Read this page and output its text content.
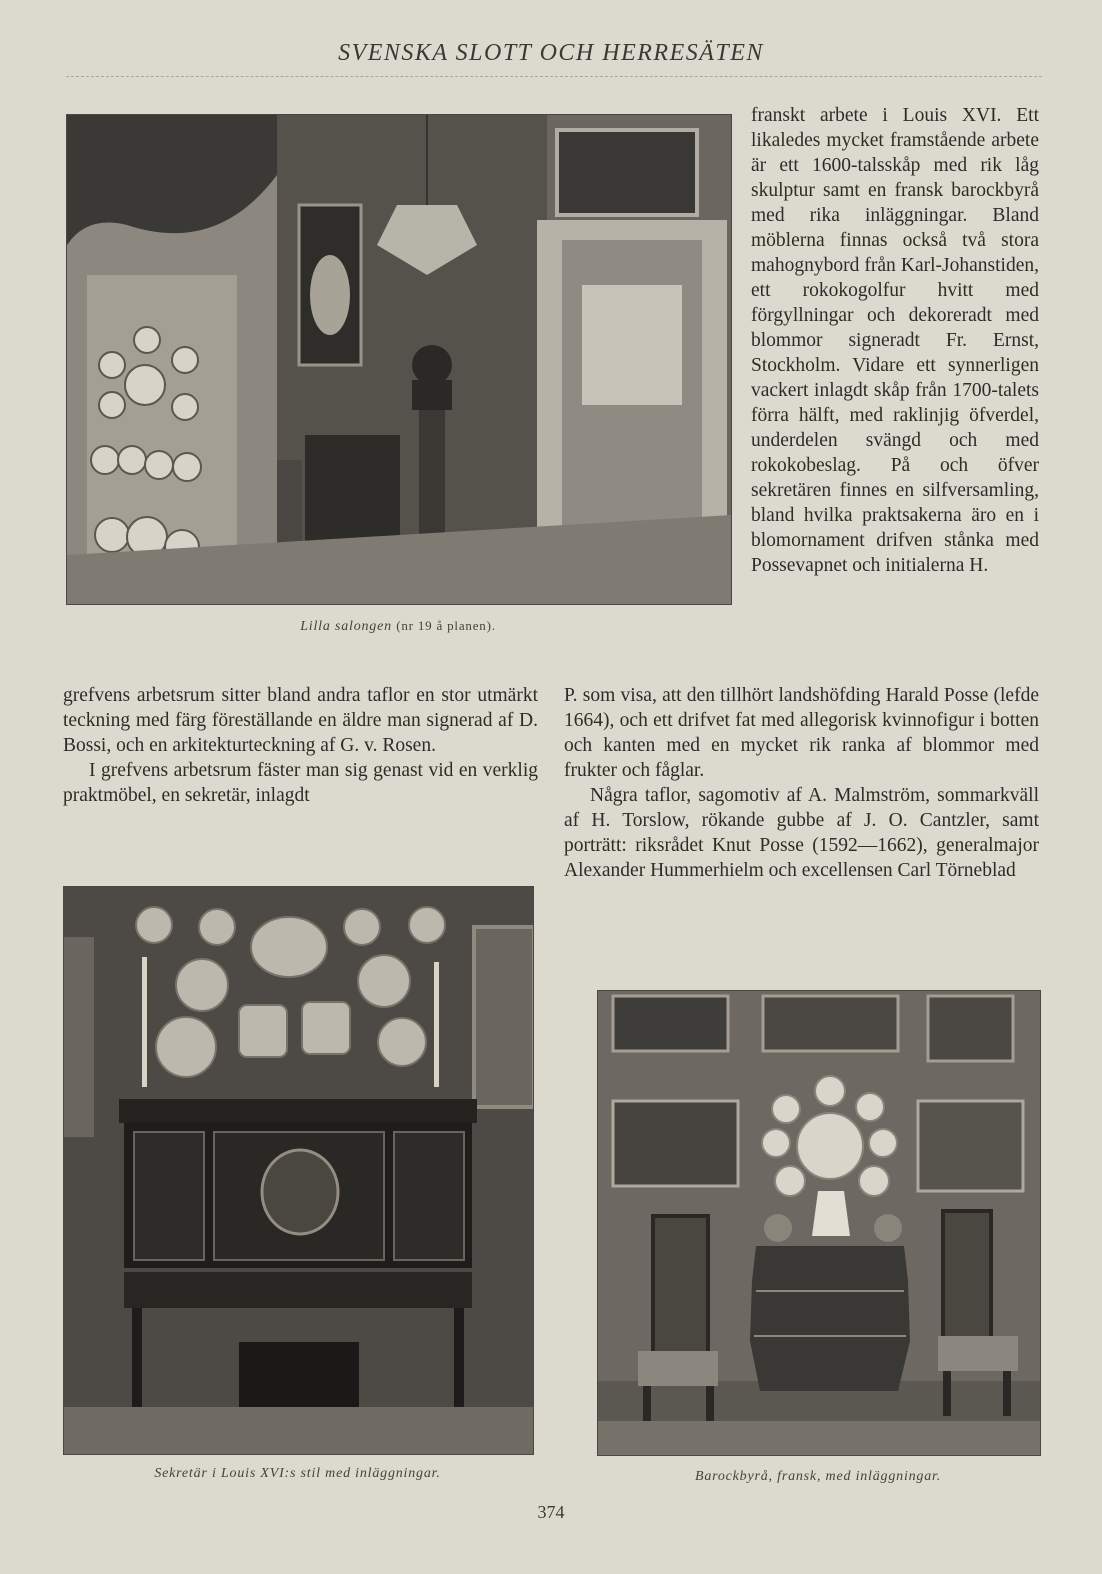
SVENSKA SLOTT OCH HERRESÄTEN
Lilla salongen (nr 19 å planen).

franskt arbete i Louis XVI. Ett likaledes mycket framstående arbete är ett 1600-talsskåp med rik låg skulptur samt en fransk barockbyrå med rika inläggningar. Bland möblerna finnas också två stora mahognybord från Karl-Johanstiden, ett rokokogolfur hvitt med förgyllningar och dekoreradt med blommor signeradt Fr. Ernst, Stockholm. Vidare ett synnerligen vackert inlagdt skåp från 1700-talets förra hälft, med raklinjig öfverdel, underdelen svängd och med rokokobeslag. På och öfver sekretären finnes en silfversamling, bland hvilka praktsakerna äro en i blomornament drifven stånka med Possevapnet och initialerna H.

grefvens arbetsrum sitter bland andra taflor en stor utmärkt teckning med färg föreställande en äldre man signerad af D. Bossi, och en arkitekturteckning af G. v. Rosen.

I grefvens arbetsrum fäster man sig genast vid en verklig praktmöbel, en sekretär, inlagdt

P. som visa, att den tillhört landshöfding Harald Posse (lefde 1664), och ett drifvet fat med allegorisk kvinnofigur i botten och kanten med en mycket rik ranka af blommor med frukter och fåglar.

Några taflor, sagomotiv af A. Malmström, sommarkväll af H. Torslow, rökande gubbe af J. O. Cantzler, samt porträtt: riksrådet Knut Posse (1592—1662), generalmajor Alexander Hummerhielm och excellensen Carl Törneblad

Sekretär i Louis XVI:s stil med inläggningar.	Barockbyrå, fransk, med inläggningar.
374
